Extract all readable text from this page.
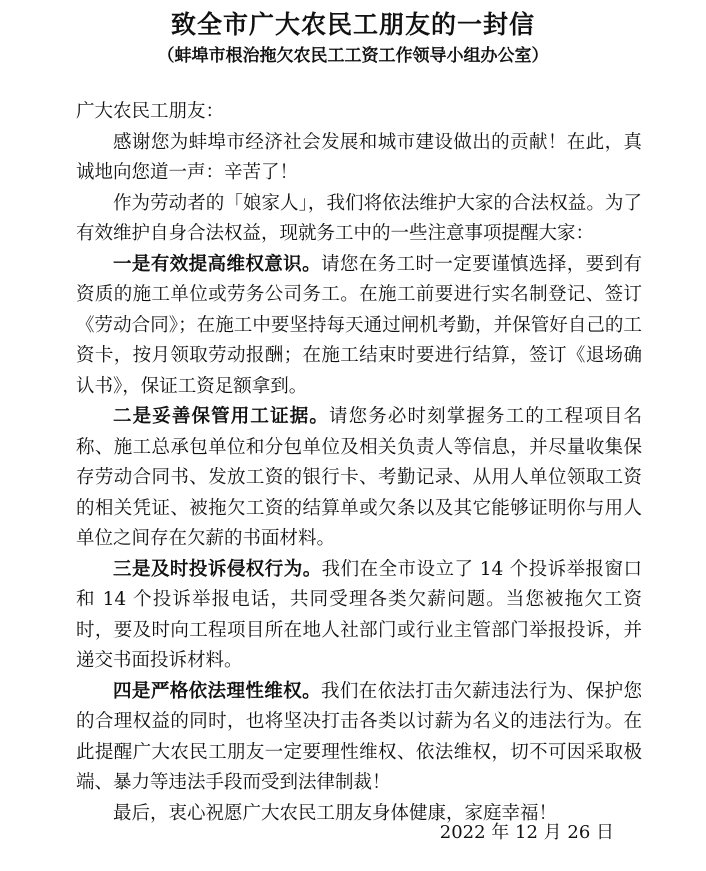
致全市广大农民工朋友的一封信
（蚌埠市根治拖欠农民工工资工作领导小组办公室）

广大农民工朋友：

感谢您为蚌埠市经济社会发展和城市建设做出的贡献！在此，真诚地向您道一声：辛苦了！

作为劳动者的「娘家人」，我们将依法维护大家的合法权益。为了有效维护自身合法权益，现就务工中的一些注意事项提醒大家：

一是有效提高维权意识。请您在务工时一定要谨慎选择，要到有资质的施工单位或劳务公司务工。在施工前要进行实名制登记、签订《劳动合同》；在施工中要坚持每天通过闸机考勤，并保管好自己的工资卡，按月领取劳动报酬；在施工结束时要进行结算，签订《退场确认书》，保证工资足额拿到。

二是妥善保管用工证据。请您务必时刻掌握务工的工程项目名称、施工总承包单位和分包单位及相关负责人等信息，并尽量收集保存劳动合同书、发放工资的银行卡、考勤记录、从用人单位领取工资的相关凭证、被拖欠工资的结算单或欠条以及其它能够证明你与用人单位之间存在欠薪的书面材料。

三是及时投诉侵权行为。我们在全市设立了 14 个投诉举报窗口和 14 个投诉举报电话，共同受理各类欠薪问题。当您被拖欠工资时，要及时向工程项目所在地人社部门或行业主管部门举报投诉，并递交书面投诉材料。

四是严格依法理性维权。我们在依法打击欠薪违法行为、保护您的合理权益的同时，也将坚决打击各类以讨薪为名义的违法行为。在此提醒广大农民工朋友一定要理性维权、依法维权，切不可因采取极端、暴力等违法手段而受到法律制裁！

最后，衷心祝愿广大农民工朋友身体健康，家庭幸福！

2022 年 12 月 26 日
